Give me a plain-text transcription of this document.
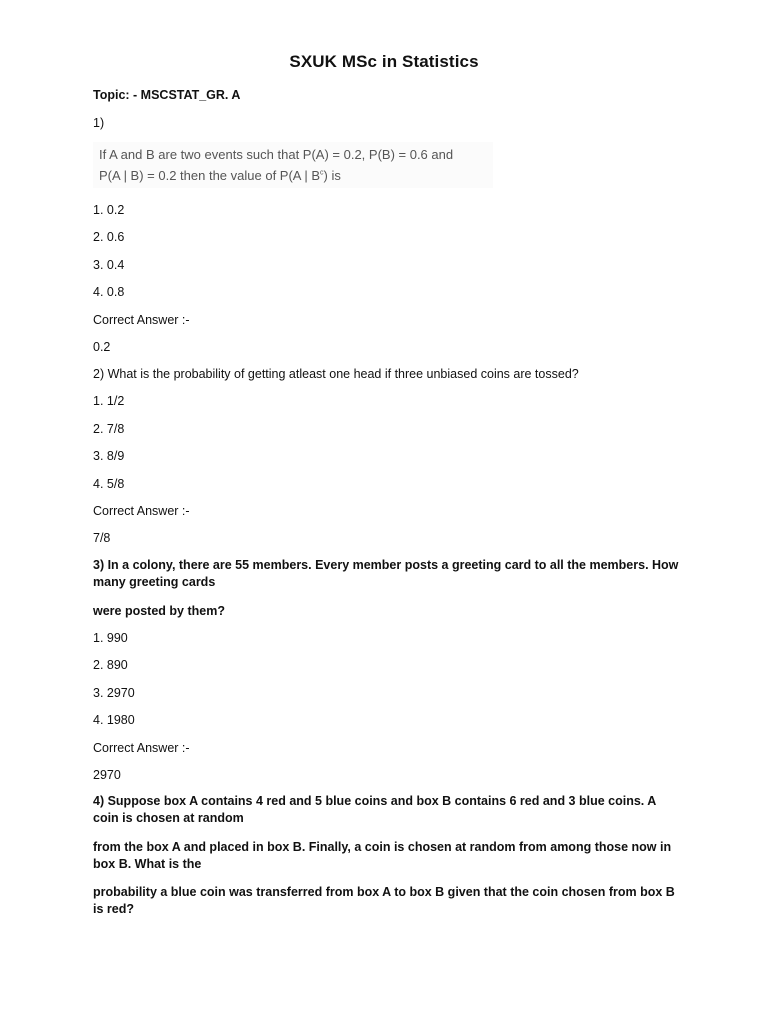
SXUK MSc in Statistics
Topic: - MSCSTAT_GR. A
1)
If A and B are two events such that P(A) = 0.2, P(B) = 0.6 and
P(A | B) = 0.2 then the value of P(A | $B^c$) is
1. 0.2
2. 0.6
3. 0.4
4. 0.8
Correct Answer :-
0.2
2) What is the probability of getting atleast one head if three unbiased coins are tossed?
1. 1/2
2. 7/8
3. 8/9
4. 5/8
Correct Answer :-
7/8
3) In a colony, there are 55 members. Every member posts a greeting card to all the members. How many greeting cards
were posted by them?
1. 990
2. 890
3. 2970
4. 1980
Correct Answer :-
2970
4) Suppose box A contains 4 red and 5 blue coins and box B contains 6 red and 3 blue coins. A coin is chosen at random
from the box A and placed in box B. Finally, a coin is chosen at random from among those now in box B. What is the
probability a blue coin was transferred from box A to box B given that the coin chosen from box B is red?
